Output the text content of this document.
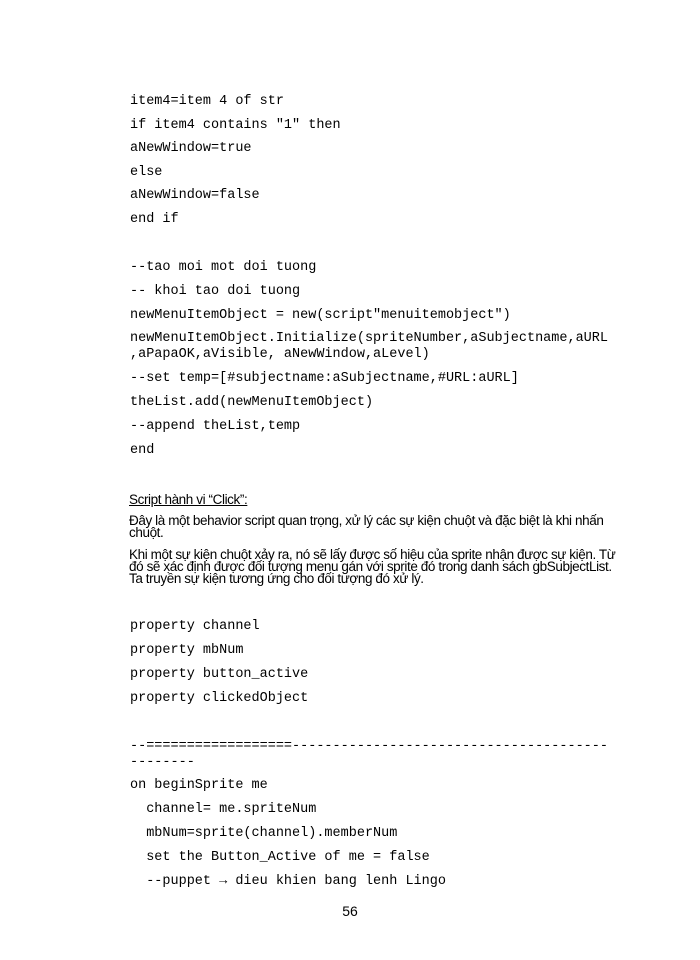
item4=item 4 of str
if item4 contains "1" then
aNewWindow=true
else
aNewWindow=false
end if
--tao moi mot doi tuong
-- khoi tao doi tuong
newMenuItemObject = new(script"menuitemobject")
newMenuItemObject.Initialize(spriteNumber,aSubjectname,aURL
,aPapaOK,aVisible, aNewWindow,aLevel)
--set temp=[#subjectname:aSubjectname,#URL:aURL]
theList.add(newMenuItemObject)
--append theList,temp
end
Script hành vi “Click”:
Đây là một behavior script quan trọng, xử lý các sự kiện chuột và đặc biệt là khi nhấn chuột.
Khi một sự kiện chuột xảy ra, nó sẽ lấy được số hiệu của sprite nhận được sự kiện. Từ đó sẽ xác định được đối tượng menu gán với sprite đó trong danh sách gbSubjectList. Ta truyền sự kiện tương ứng cho đối tượng đó xử lý.
property channel
property mbNum
property button_active
property clickedObject
--==================---------------------------------------
--------
on beginSprite me
channel= me.spriteNum
mbNum=sprite(channel).memberNum
set the Button_Active of me = false
--puppet → dieu khien bang lenh Lingo
56
